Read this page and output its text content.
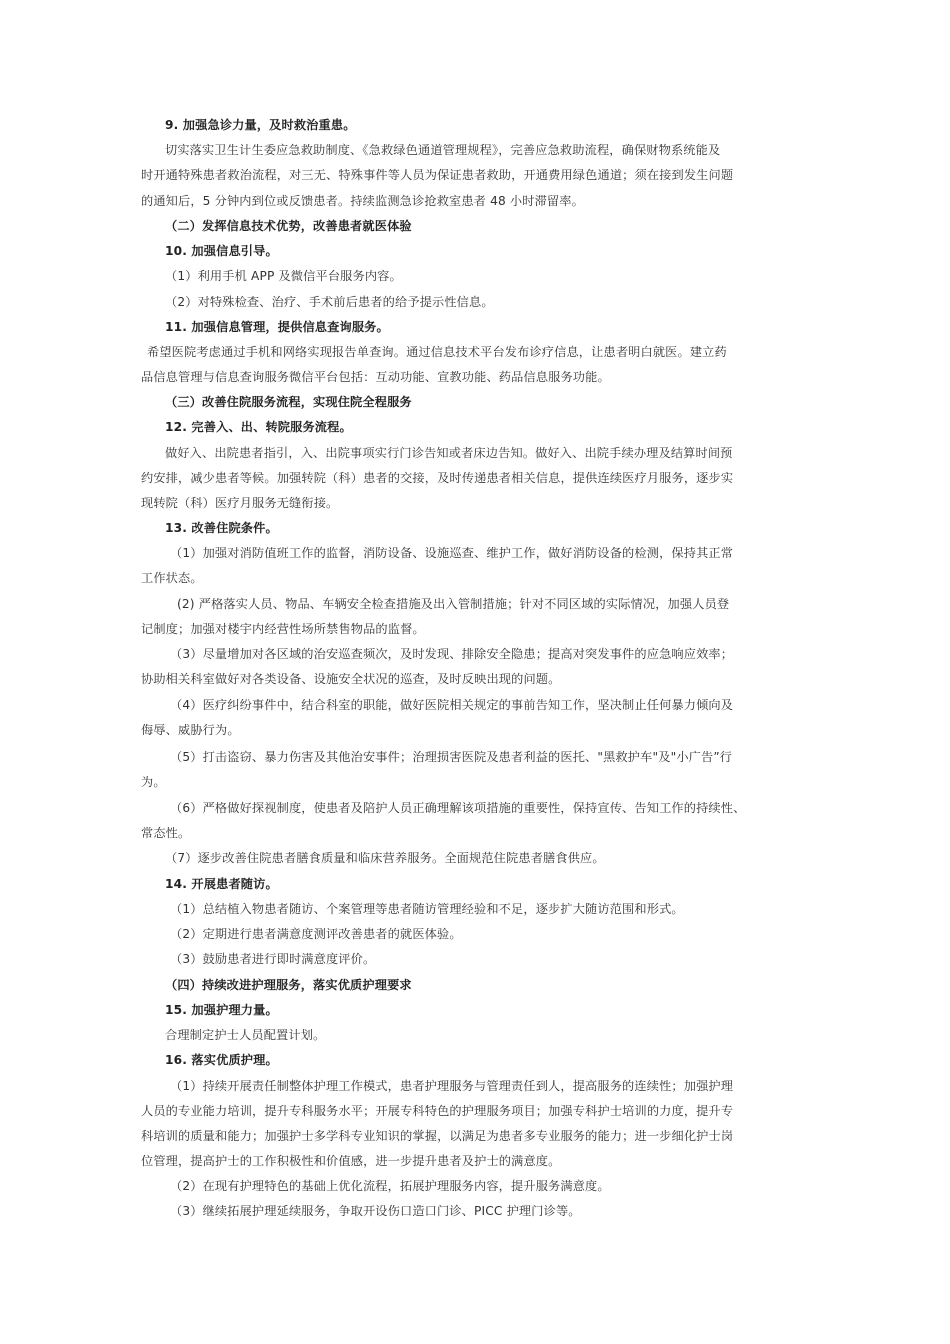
9. 加强急诊力量，及时救治重患。
切实落实卫生计生委应急救助制度、《急救绿色通道管理规程》，完善应急救助流程，确保财物系统能及
时开通特殊患者救治流程，对三无、特殊事件等人员为保证患者救助，开通费用绿色通道；须在接到发生问题
的通知后，5 分钟内到位或反馈患者。持续监测急诊抢救室患者 48 小时滞留率。
（二）发挥信息技术优势，改善患者就医体验
10. 加强信息引导。
（1）利用手机 APP 及微信平台服务内容。
（2）对特殊检查、治疗、手术前后患者的给予提示性信息。
11. 加强信息管理，提供信息查询服务。
希望医院考虑通过手机和网络实现报告单查询。通过信息技术平台发布诊疗信息，让患者明白就医。建立药
品信息管理与信息查询服务微信平台包括：互动功能、宣教功能、药品信息服务功能。
（三）改善住院服务流程，实现住院全程服务
12. 完善入、出、转院服务流程。
做好入、出院患者指引，入、出院事项实行门诊告知或者床边告知。做好入、出院手续办理及结算时间预
约安排，减少患者等候。加强转院（科）患者的交接，及时传递患者相关信息，提供连续医疗月服务，逐步实
现转院（科）医疗月服务无缝衔接。
13. 改善住院条件。
（1）加强对消防值班工作的监督，消防设备、设施巡查、维护工作，做好消防设备的检测，保持其正常
工作状态。
(2) 严格落实人员、物品、车辆安全检查措施及出入管制措施；针对不同区域的实际情况，加强人员登
记制度；加强对楼宇内经营性场所禁售物品的监督。
（3）尽量增加对各区域的治安巡查频次，及时发现、排除安全隐患；提高对突发事件的应急响应效率；
协助相关科室做好对各类设备、设施安全状况的巡查，及时反映出现的问题。
（4）医疗纠纷事件中，结合科室的职能，做好医院相关规定的事前告知工作，坚决制止任何暴力倾向及
侮辱、威胁行为。
（5）打击盗窃、暴力伤害及其他治安事件；治理损害医院及患者利益的医托、"黑救护车"及"小广告”行
为。
（6）严格做好探视制度，使患者及陪护人员正确理解该项措施的重要性，保持宣传、告知工作的持续性、
常态性。
（7）逐步改善住院患者膳食质量和临床营养服务。全面规范住院患者膳食供应。
14. 开展患者随访。
（1）总结植入物患者随访、个案管理等患者随访管理经验和不足，逐步扩大随访范围和形式。
（2）定期进行患者满意度测评改善患者的就医体验。
（3）鼓励患者进行即时满意度评价。
（四）持续改进护理服务，落实优质护理要求
15. 加强护理力量。
合理制定护士人员配置计划。
16. 落实优质护理。
（1）持续开展责任制整体护理工作模式，患者护理服务与管理责任到人，提高服务的连续性；加强护理
人员的专业能力培训，提升专科服务水平；开展专科特色的护理服务项目；加强专科护士培训的力度，提升专
科培训的质量和能力；加强护士多学科专业知识的掌握，以满足为患者多专业服务的能力；进一步细化护士岗
位管理，提高护士的工作积极性和价值感，进一步提升患者及护士的满意度。
（2）在现有护理特色的基础上优化流程，拓展护理服务内容，提升服务满意度。
（3）继续拓展护理延续服务，争取开设伤口造口门诊、PICC 护理门诊等。
